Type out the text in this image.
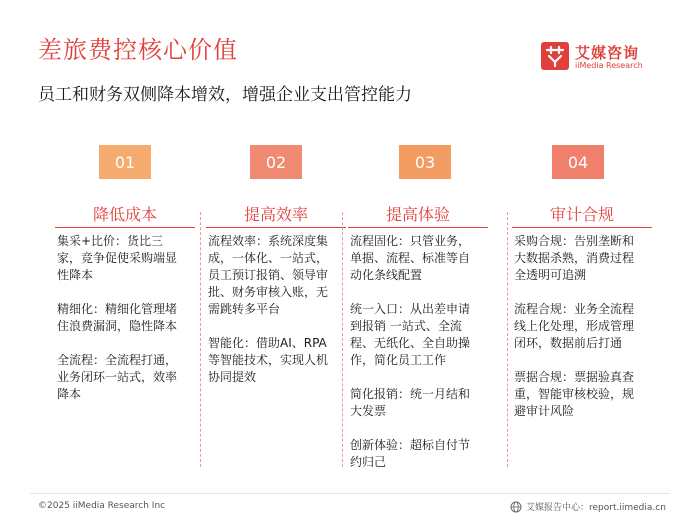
差旅费控核心价值
员工和财务双侧降本增效，增强企业支出管控能力
艾媒咨询
iiMedia Research
01
降低成本

集采+比价：货比三家，竞争促使采购端显性降本

精细化：精细化管理堵住浪费漏洞，隐性降本

全流程：全流程打通，业务闭环一站式，效率降本

02
提高效率

流程效率：系统深度集成，一体化、一站式，员工预订报销、领导审批、财务审核入账，无需跳转多平台

智能化：借助AI、RPA等智能技术，实现人机协同提效

03
提高体验

流程固化：只管业务，单据、流程、标准等自动化条线配置

统一入口：从出差申请到报销 一站式、全流程、无纸化、全自助操作，简化员工工作

简化报销：统一月结和大发票

创新体验：超标自付节约归己

04
审计合规

采购合规：告别垄断和大数据杀熟，消费过程全透明可追溯

流程合规：业务全流程线上化处理，形成管理闭环，数据前后打通

票据合规：票据验真查重，智能审核校验，规避审计风险

©2025 iiMedia Research Inc	艾媒报告中心：report.iimedia.cn
